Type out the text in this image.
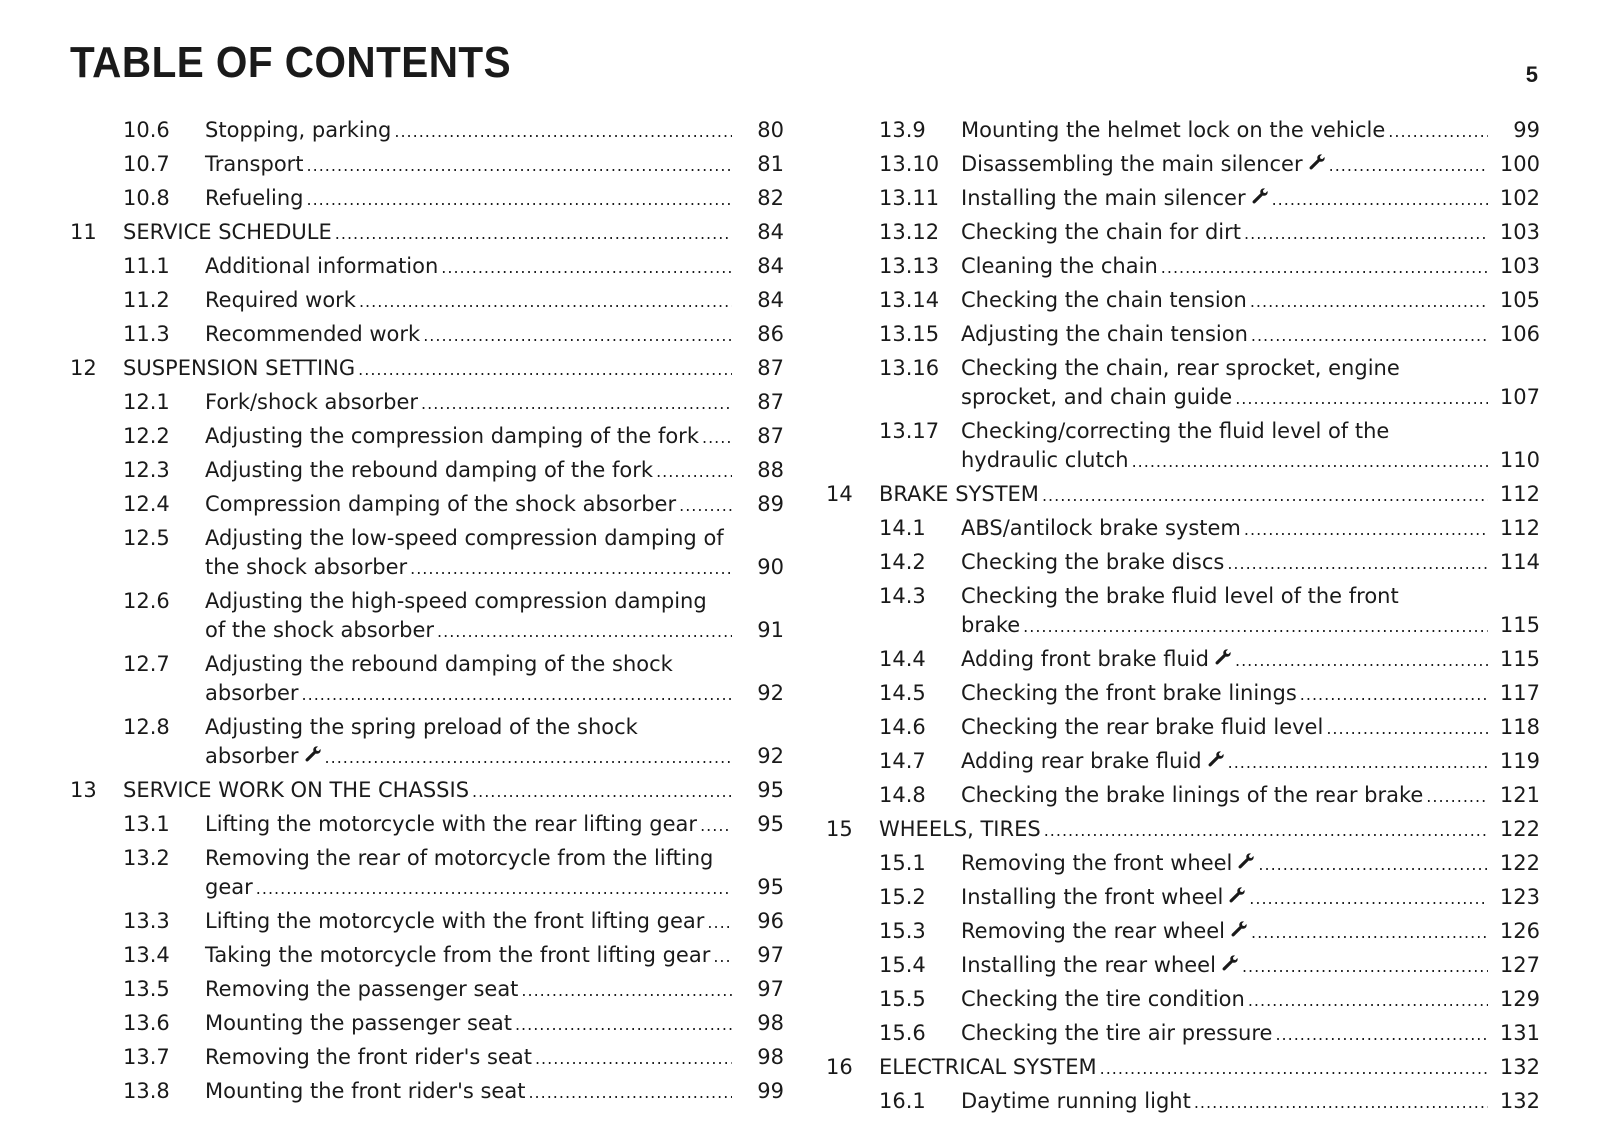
TABLE OF CONTENTS	5
10.6	Stopping, parking .....	80
10.7	Transport .....	81
10.8	Refueling .....	82
11	SERVICE SCHEDULE .....	84
11.1	Additional information .....	84
11.2	Required work .....	84
11.3	Recommended work .....	86
12	SUSPENSION SETTING .....	87
12.1	Fork/shock absorber .....	87
12.2	Adjusting the compression damping of the fork .....	87
12.3	Adjusting the rebound damping of the fork .....	88
12.4	Compression damping of the shock absorber .....	89
12.5	Adjusting the low-speed compression damping of
the shock absorber .....	90
12.6	Adjusting the high-speed compression damping
of the shock absorber .....	91
12.7	Adjusting the rebound damping of the shock
absorber .....	92
12.8	Adjusting the spring preload of the shock
absorber .....	92
13	SERVICE WORK ON THE CHASSIS .....	95
13.1	Lifting the motorcycle with the rear lifting gear .....	95
13.2	Removing the rear of motorcycle from the lifting
gear .....	95
13.3	Lifting the motorcycle with the front lifting gear .....	96
13.4	Taking the motorcycle from the front lifting gear .....	97
13.5	Removing the passenger seat .....	97
13.6	Mounting the passenger seat .....	98
13.7	Removing the front rider's seat .....	98
13.8	Mounting the front rider's seat .....	99
13.9	Mounting the helmet lock on the vehicle .....	99
13.10	Disassembling the main silencer .....	100
13.11	Installing the main silencer .....	102
13.12	Checking the chain for dirt .....	103
13.13	Cleaning the chain .....	103
13.14	Checking the chain tension .....	105
13.15	Adjusting the chain tension .....	106
13.16	Checking the chain, rear sprocket, engine
sprocket, and chain guide .....	107
13.17	Checking/correcting the fluid level of the
hydraulic clutch .....	110
14	BRAKE SYSTEM .....	112
14.1	ABS/antilock brake system .....	112
14.2	Checking the brake discs .....	114
14.3	Checking the brake fluid level of the front
brake .....	115
14.4	Adding front brake fluid .....	115
14.5	Checking the front brake linings .....	117
14.6	Checking the rear brake fluid level .....	118
14.7	Adding rear brake fluid .....	119
14.8	Checking the brake linings of the rear brake .....	121
15	WHEELS, TIRES .....	122
15.1	Removing the front wheel .....	122
15.2	Installing the front wheel .....	123
15.3	Removing the rear wheel .....	126
15.4	Installing the rear wheel .....	127
15.5	Checking the tire condition .....	129
15.6	Checking the tire air pressure .....	131
16	ELECTRICAL SYSTEM .....	132
16.1	Daytime running light .....	132
